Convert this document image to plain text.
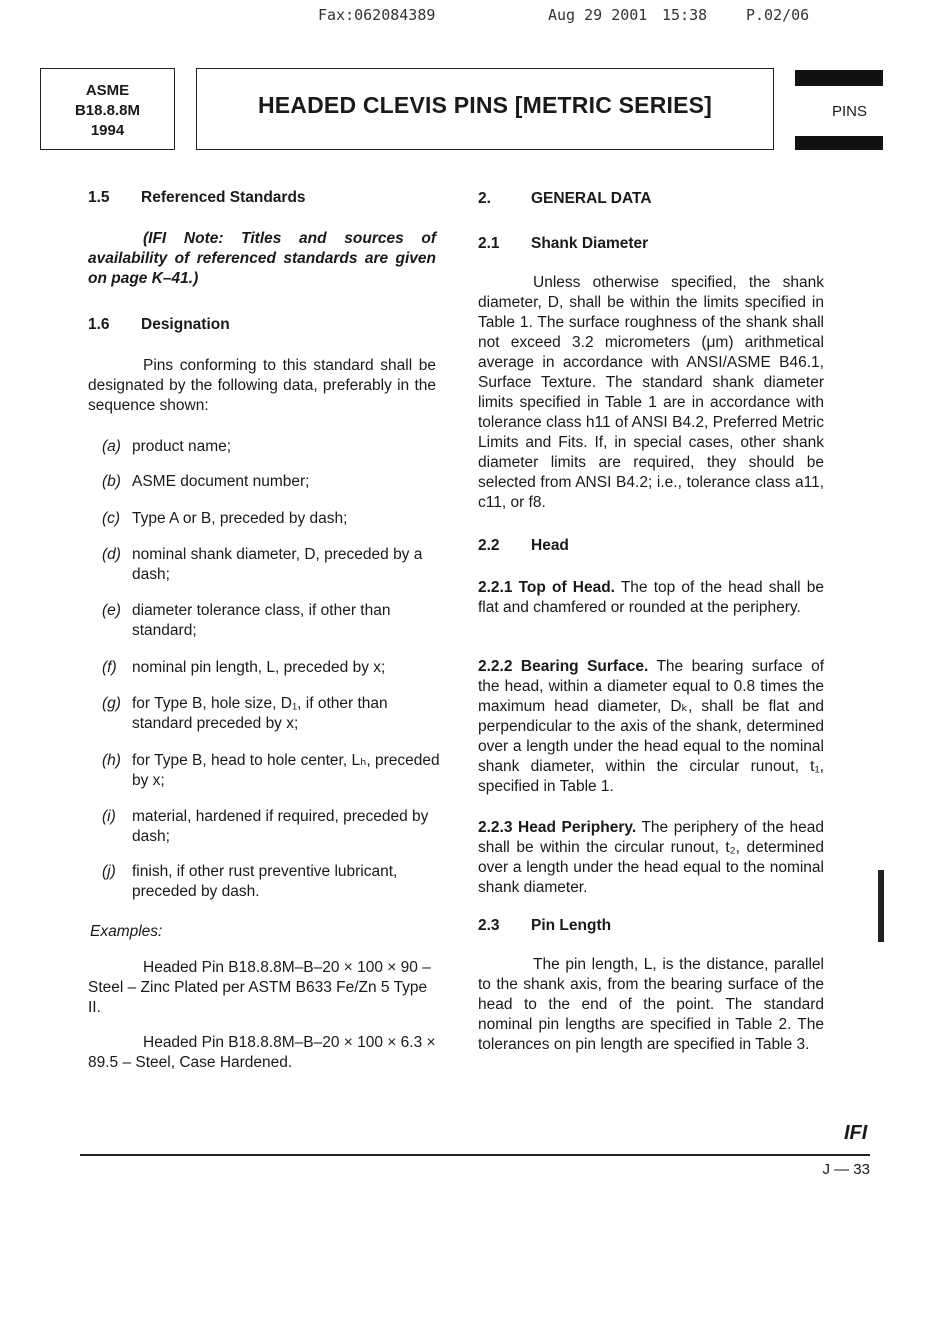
Fax:062084389	Aug 29 2001 15:38	P.02/06
ASME
B18.8.8M
1994
HEADED CLEVIS PINS [METRIC SERIES]	PINS
1.5 Referenced Standards

(IFI Note: Titles and sources of availability of referenced standards are given on page K–41.)

1.6 Designation

Pins conforming to this standard shall be designated by the following data, preferably in the sequence shown:

(a) product name;
(b) ASME document number;
(c) Type A or B, preceded by dash;
(d) nominal shank diameter, D, preceded by a dash;
(e) diameter tolerance class, if other than standard;
(f) nominal pin length, L, preceded by x;
(g) for Type B, hole size, D₁, if other than standard preceded by x;
(h) for Type B, head to hole center, Lₕ, preceded by x;
(i) material, hardened if required, preceded by dash;
(j) finish, if other rust preventive lubricant, preceded by dash.
Examples:

Headed Pin B18.8.8M–B–20 × 100 × 90 – Steel – Zinc Plated per ASTM B633 Fe/Zn 5 Type II.

Headed Pin B18.8.8M–B–20 × 100 × 6.3 × 89.5 – Steel, Case Hardened.

2.	GENERAL DATA
2.1 Shank Diameter

Unless otherwise specified, the shank diameter, D, shall be within the limits specified in Table 1. The surface roughness of the shank shall not exceed 3.2 micrometers (μm) arithmetical average in accordance with ANSI/ASME B46.1, Surface Texture. The standard shank diameter limits specified in Table 1 are in accordance with tolerance class h11 of ANSI B4.2, Preferred Metric Limits and Fits. If, in special cases, other shank diameter limits are required, they should be selected from ANSI B4.2; i.e., tolerance class a11, c11, or f8.

2.2 Head

2.2.1 Top of Head. The top of the head shall be flat and chamfered or rounded at the periphery.

2.2.2 Bearing Surface. The bearing surface of the head, within a diameter equal to 0.8 times the maximum head diameter, Dₖ, shall be flat and perpendicular to the axis of the shank, determined over a length under the head equal to the nominal shank diameter, within the circular runout, t₁, specified in Table 1.

2.2.3 Head Periphery. The periphery of the head shall be within the circular runout, t₂, determined over a length under the head equal to the nominal shank diameter.

2.3 Pin Length

The pin length, L, is the distance, parallel to the shank axis, from the bearing surface of the head to the end of the point. The standard nominal pin lengths are specified in Table 2. The tolerances on pin length are specified in Table 3.

IFI
J — 33
